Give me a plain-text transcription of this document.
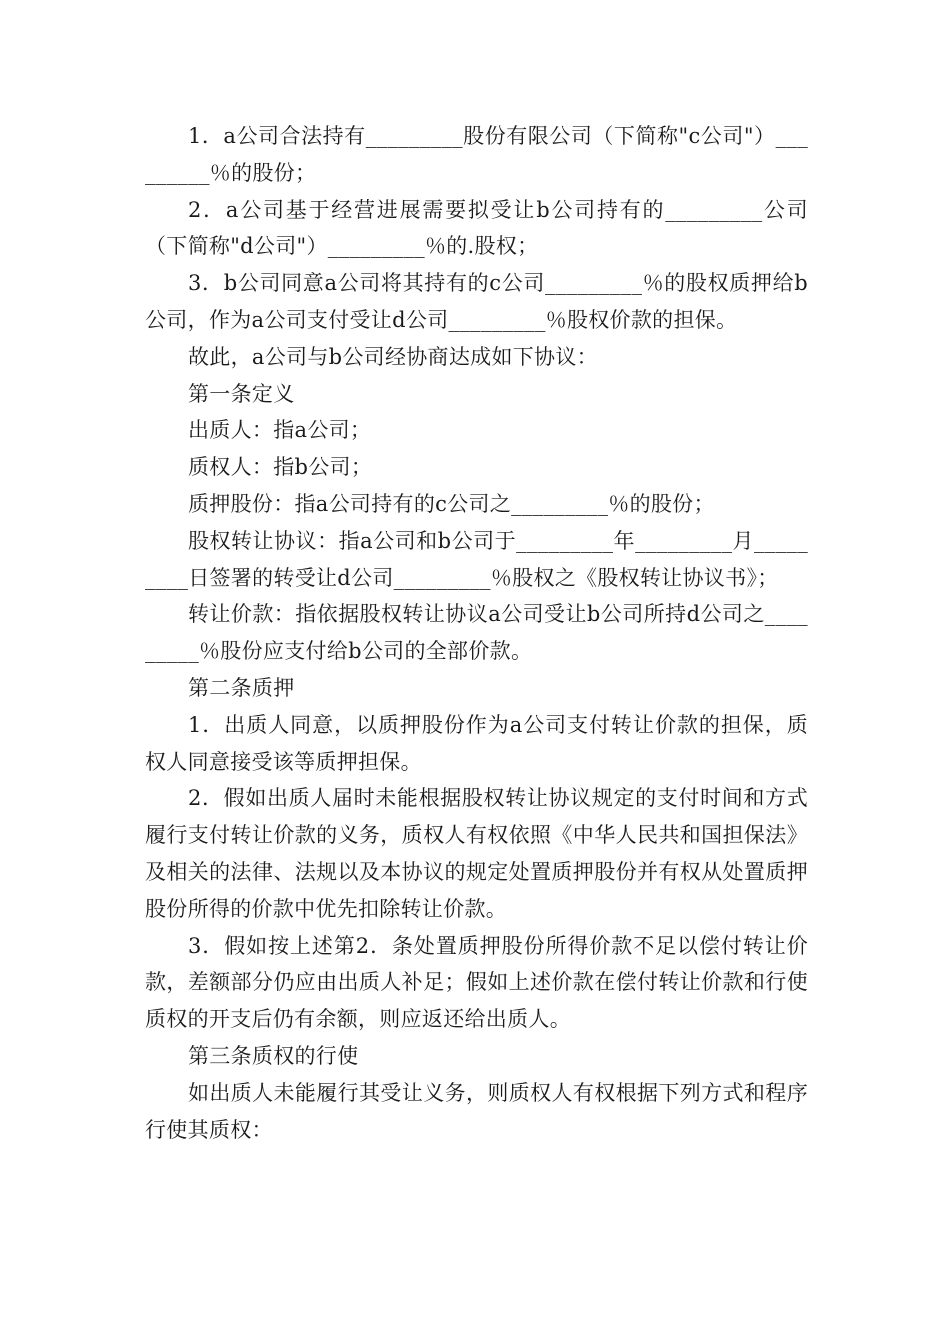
1．a公司合法持有_________股份有限公司（下简称"c公司"）_________％的股份；

2．a公司基于经营进展需要拟受让b公司持有的_________公司（下简称"d公司"）_________％的.股权；

3．b公司同意a公司将其持有的c公司_________％的股权质押给b公司，作为a公司支付受让d公司_________％股权价款的担保。

故此，a公司与b公司经协商达成如下协议：

第一条定义

出质人：指a公司；

质权人：指b公司；

质押股份：指a公司持有的c公司之_________％的股份；

股权转让协议：指a公司和b公司于_________年_________月_________日签署的转受让d公司_________％股权之《股权转让协议书》；

转让价款：指依据股权转让协议a公司受让b公司所持d公司之_________％股份应支付给b公司的全部价款。

第二条质押

1．出质人同意，以质押股份作为a公司支付转让价款的担保，质权人同意接受该等质押担保。

2．假如出质人届时未能根据股权转让协议规定的支付时间和方式履行支付转让价款的义务，质权人有权依照《中华人民共和国担保法》及相关的法律、法规以及本协议的规定处置质押股份并有权从处置质押股份所得的价款中优先扣除转让价款。

3．假如按上述第2．条处置质押股份所得价款不足以偿付转让价款，差额部分仍应由出质人补足；假如上述价款在偿付转让价款和行使质权的开支后仍有余额，则应返还给出质人。

第三条质权的行使

如出质人未能履行其受让义务，则质权人有权根据下列方式和程序行使其质权：
